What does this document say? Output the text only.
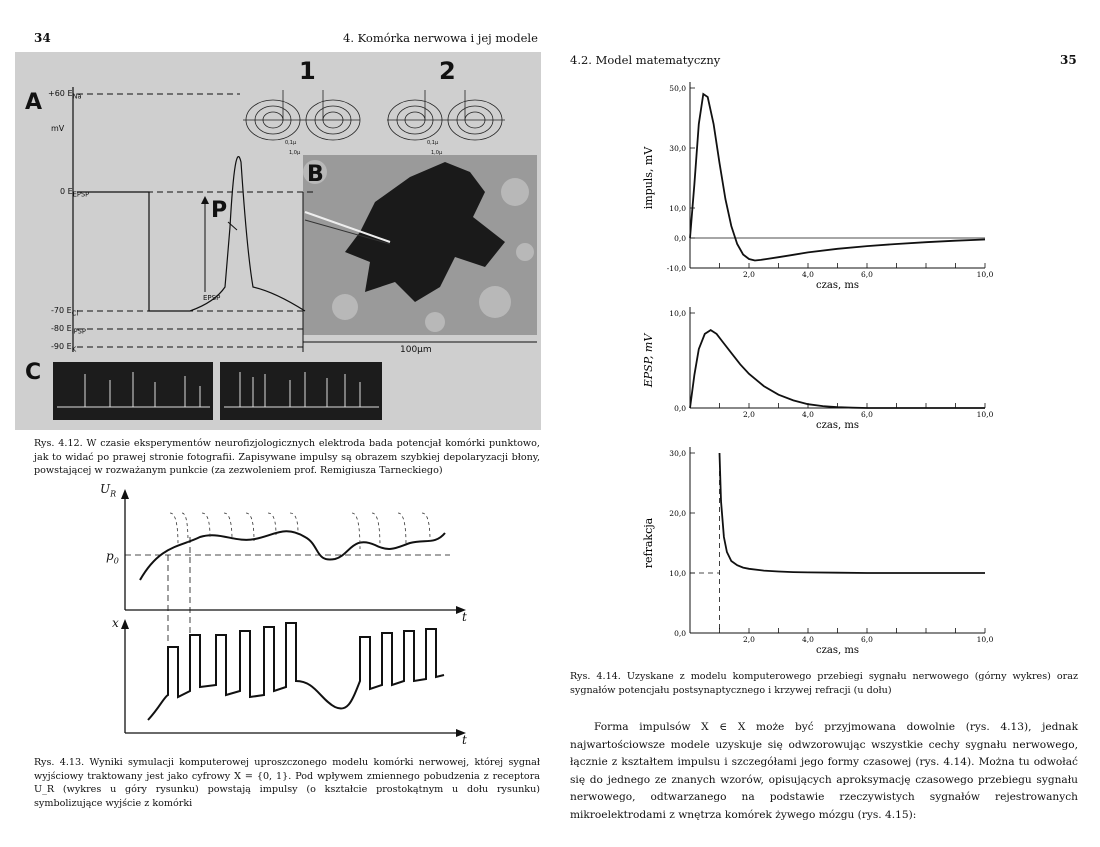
34	4. Komórka nerwowa i jej modele
A
B
C
1	2
mV
+60 $E_{Na}$
0 $E_{EPSP}$
-70 $E_{Cl}$
-80 $E_{IPSP}$
-90 $E_K$
P
EPSP
0,1µ
1,0µ
0,1µ
1,0µ
100µm
Rys. 4.12. W czasie eksperymentów neurofizjologicznych elektroda bada potencjał komórki punktowo, jak to widać po prawej stronie fotografii. Zapisywane impulsy są obrazem szybkiej depolaryzacji błony, powstającej w rozważanym punkcie (za zezwoleniem prof. Remigiusza Tarneckiego)
$U_R$
$p_0$
t
x
t
Rys. 4.13. Wyniki symulacji komputerowej uproszczonego modelu komórki nerwowej, której sygnał wyjściowy traktowany jest jako cyfrowy X = {0, 1}. Pod wpływem zmiennego pobudzenia z receptora U_R (wykres u góry rysunku) powstają impulsy (o kształcie prostokątnym u dołu rysunku) symbolizujące wyjście z komórki
4.2. Model matematyczny	35
impuls, mV
2,0	4,0	6,0	10,0
50,0
30,0
10,0
0,0
-10,0
czas, ms
EPSP, mV
2,0	4,0	6,0	10,0
10,0
0,0
czas, ms
refrakcja
2,0	4,0	6,0	10,0
30,0
20,0
10,0
0,0
czas, ms
Rys. 4.14. Uzyskane z modelu komputerowego przebiegi sygnału nerwowego (górny wykres) oraz sygnałów potencjału postsynaptycznego i krzywej refracji (u dołu)
Forma impulsów X ∈ X może być przyjmowana dowolnie (rys. 4.13), jednak najwartościowsze modele uzyskuje się odwzorowując wszystkie cechy sygnału nerwowego, łącznie z kształtem impulsu i szczegółami jego formy czasowej (rys. 4.14). Można tu odwołać się do jednego ze znanych wzorów, opisujących aproksymację czasowego przebiegu sygnału nerwowego, odtwarzanego na podstawie rzeczywistych sygnałów rejestrowanych mikroelektrodami z wnętrza komórek żywego mózgu (rys. 4.15):
